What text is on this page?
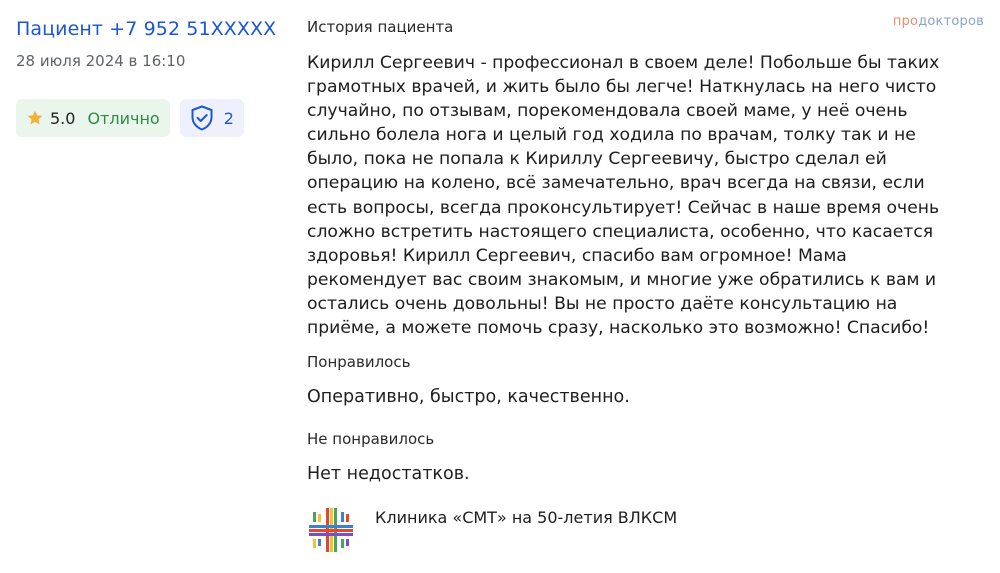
Пациент +7 952 51XXXXX
28 июля 2024 в 16:10
5.0 Отлично	2
История пациента
Кирилл Сергеевич - профессионал в своем деле! Побольше бы таких
грамотных врачей, и жить было бы легче! Наткнулась на него чисто
случайно, по отзывам, порекомендовала своей маме, у неё очень
сильно болела нога и целый год ходила по врачам, толку так и не
было, пока не попала к Кириллу Сергеевичу, быстро сделал ей
операцию на колено, всё замечательно, врач всегда на связи, если
есть вопросы, всегда проконсультирует! Сейчас в наше время очень
сложно встретить настоящего специалиста, особенно, что касается
здоровья! Кирилл Сергеевич, спасибо вам огромное! Мама
рекомендует вас своим знакомым, и многие уже обратились к вам и
остались очень довольны! Вы не просто даёте консультацию на
приёме, а можете помочь сразу, насколько это возможно! Спасибо!
Понравилось
Оперативно, быстро, качественно.
Не понравилось
Нет недостатков.
Клиника «СМТ» на 50-летия ВЛКСМ
продокторов
